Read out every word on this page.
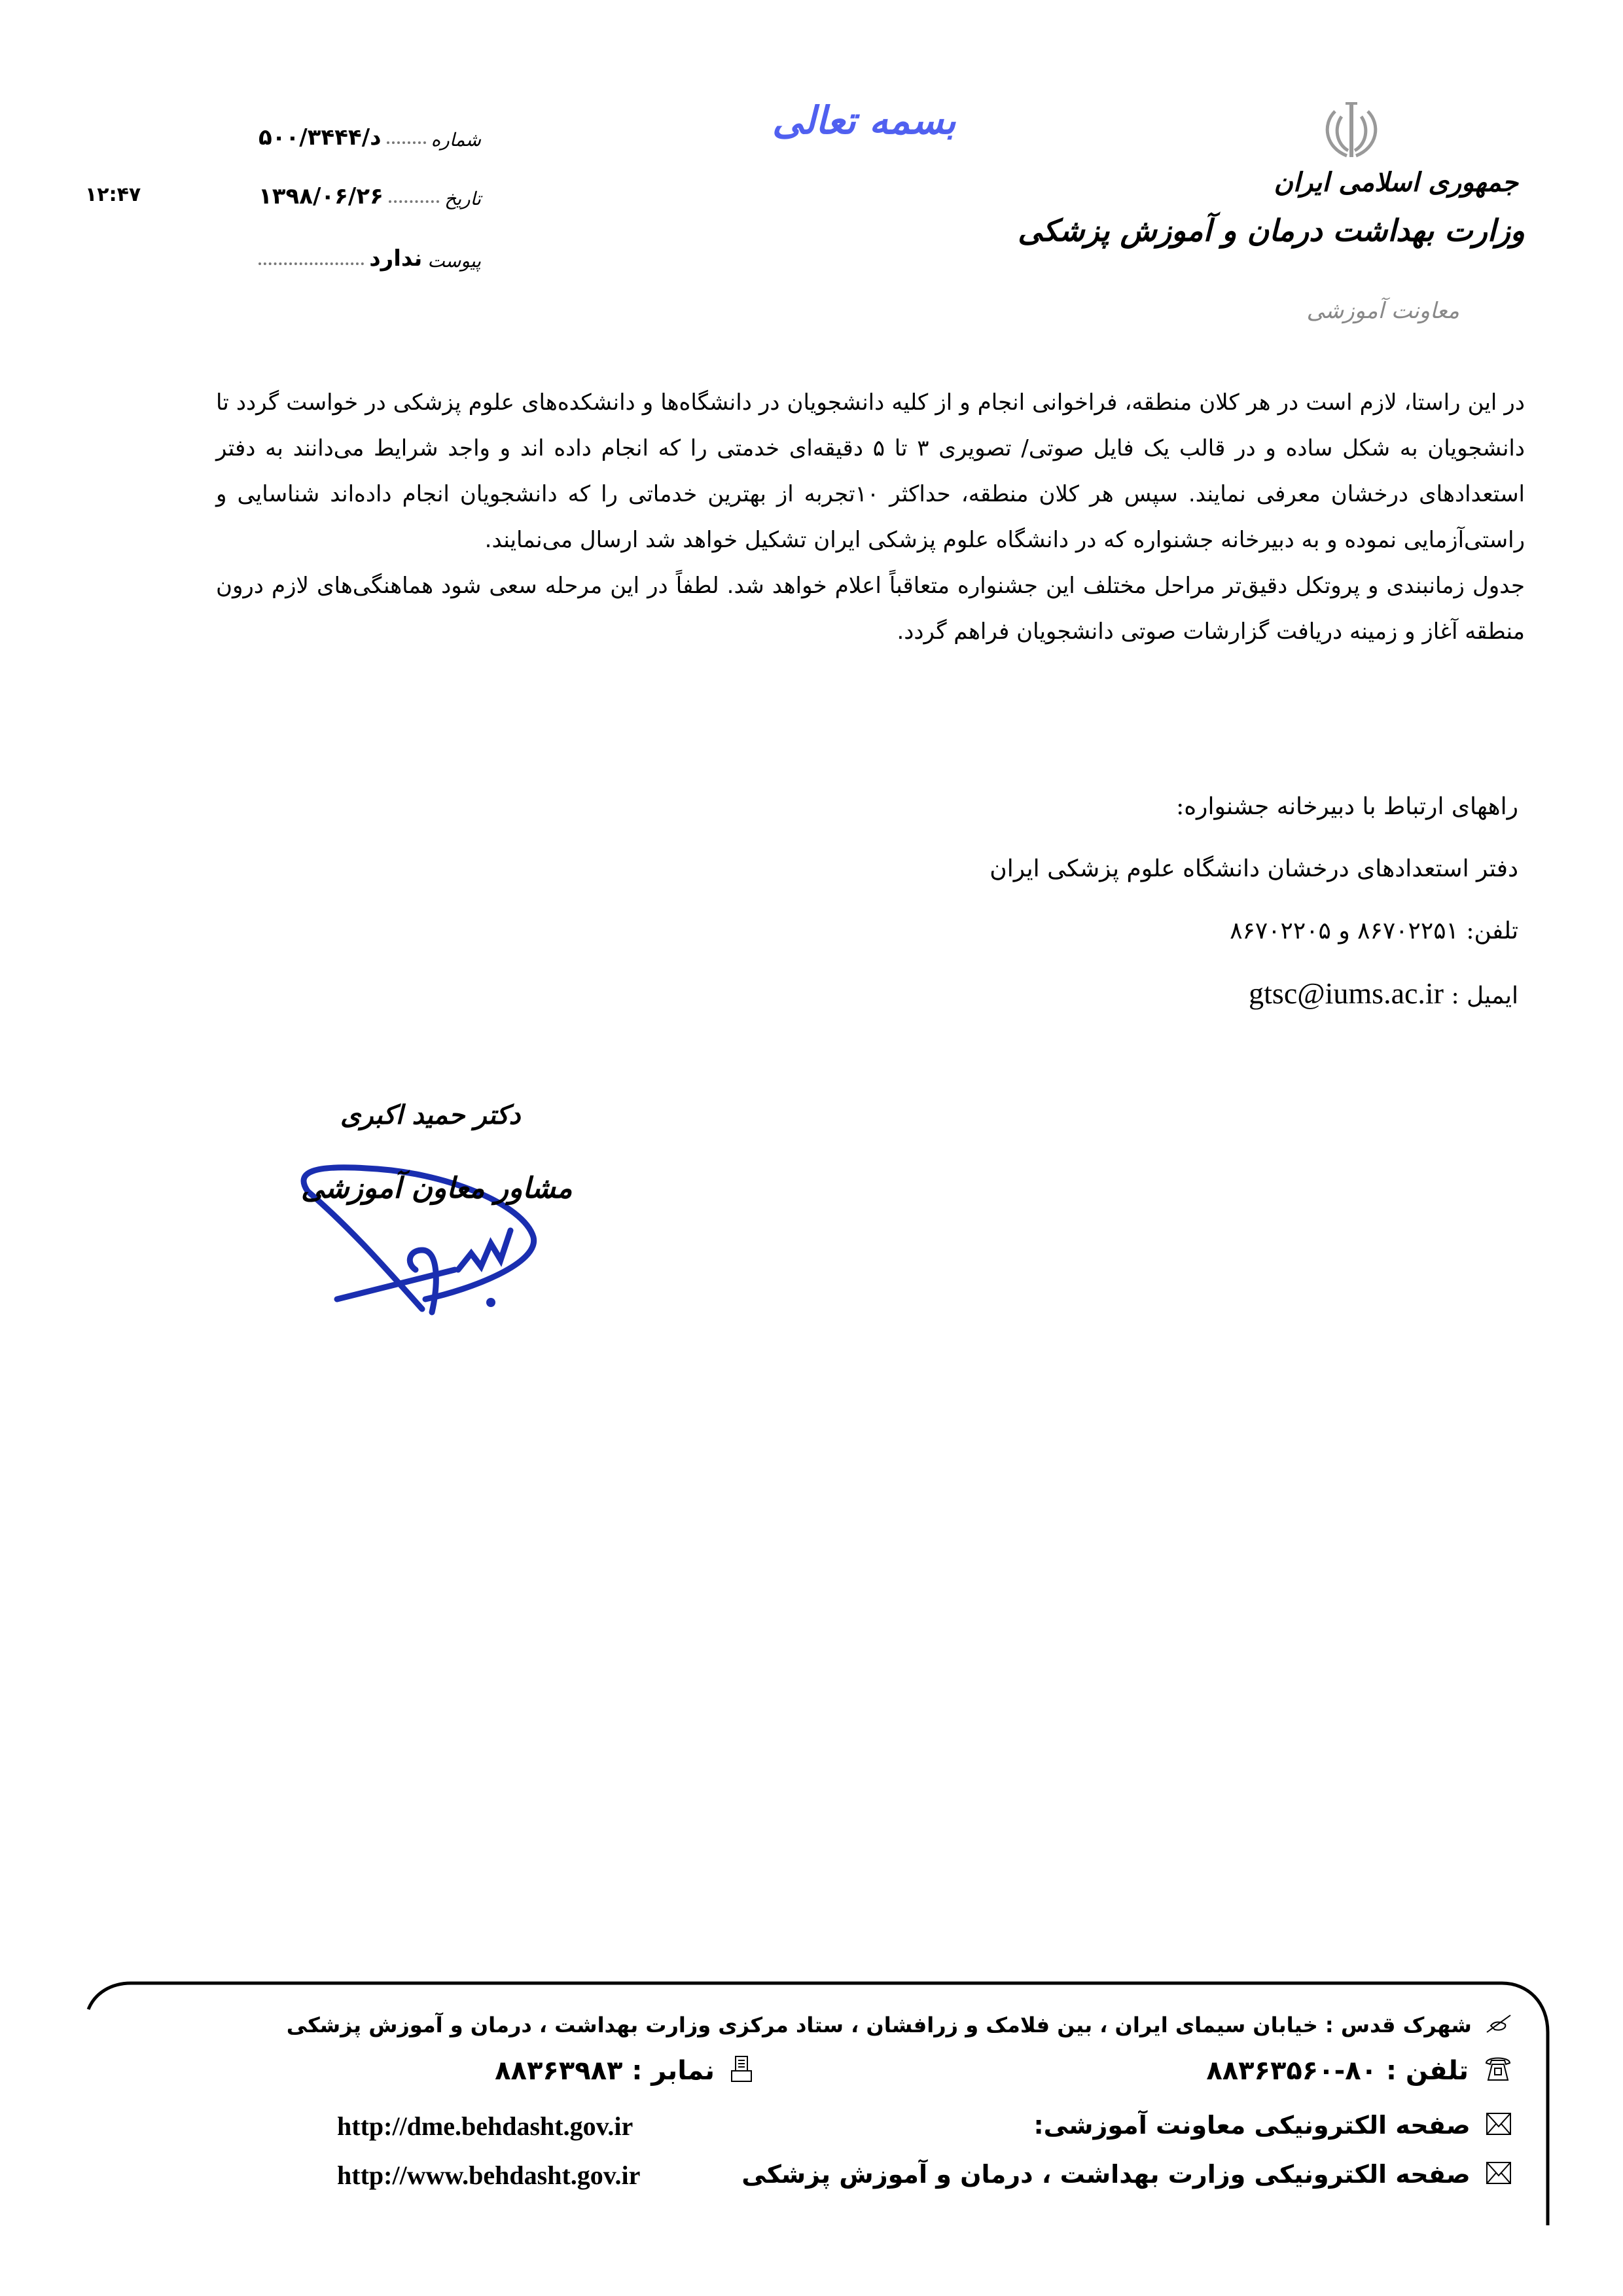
جمهوری اسلامی ایران
وزارت بهداشت درمان و آموزش پزشکی
معاونت آموزشی
بسمه تعالی
شماره
د/۵۰۰/۳۴۴۴
تاریخ
۱۳۹۸/۰۶/۲۶
پیوست
ندارد
۱۲:۴۷

در این راستا، لازم است در هر کلان منطقه، فراخوانی انجام و از کلیه دانشجویان در دانشگاه‌ها و دانشکده‌های علوم پزشکی در خواست گردد تا دانشجویان به شکل ساده و در قالب یک فایل صوتی/ تصویری ۳ تا ۵ دقیقه‌ای خدمتی را که انجام داده اند و واجد شرایط می‌دانند به دفتر استعدادهای درخشان معرفی نمایند. سپس هر کلان منطقه، حداکثر ۱۰تجربه از بهترین خدماتی را که دانشجویان انجام داده‌اند شناسایی و راستی‌آزمایی نموده و به دبیرخانه جشنواره که در دانشگاه علوم پزشکی ایران تشکیل خواهد شد ارسال می‌نمایند.

جدول زمانبندی و پروتکل دقیق‌تر مراحل مختلف این جشنواره متعاقباً اعلام خواهد شد. لطفاً در این مرحله سعی شود هماهنگی‌های لازم درون منطقه آغاز و زمینه دریافت گزارشات صوتی دانشجویان فراهم گردد.

راههای ارتباط با دبیرخانه جشنواره:
دفتر استعدادهای درخشان دانشگاه علوم پزشکی ایران
تلفن: ۸۶۷۰۲۲۵۱ و ۸۶۷۰۲۲۰۵
ایمیل : gtsc@iums.ac.ir
دکتر حمید اکبری
مشاور معاون آموزشی
شهرک قدس : خیابان سیمای ایران ، بین فلامک و زرافشان ، ستاد مرکزی وزارت بهداشت ، درمان و آموزش پزشکی
تلفن : ۸۰-۸۸۳۶۳۵۶۰
نمابر : ۸۸۳۶۳۹۸۳
صفحه الکترونیکی معاونت آموزشی:
http://dme.behdasht.gov.ir
صفحه الکترونیکی وزارت بهداشت ، درمان و آموزش پزشکی
http://www.behdasht.gov.ir
